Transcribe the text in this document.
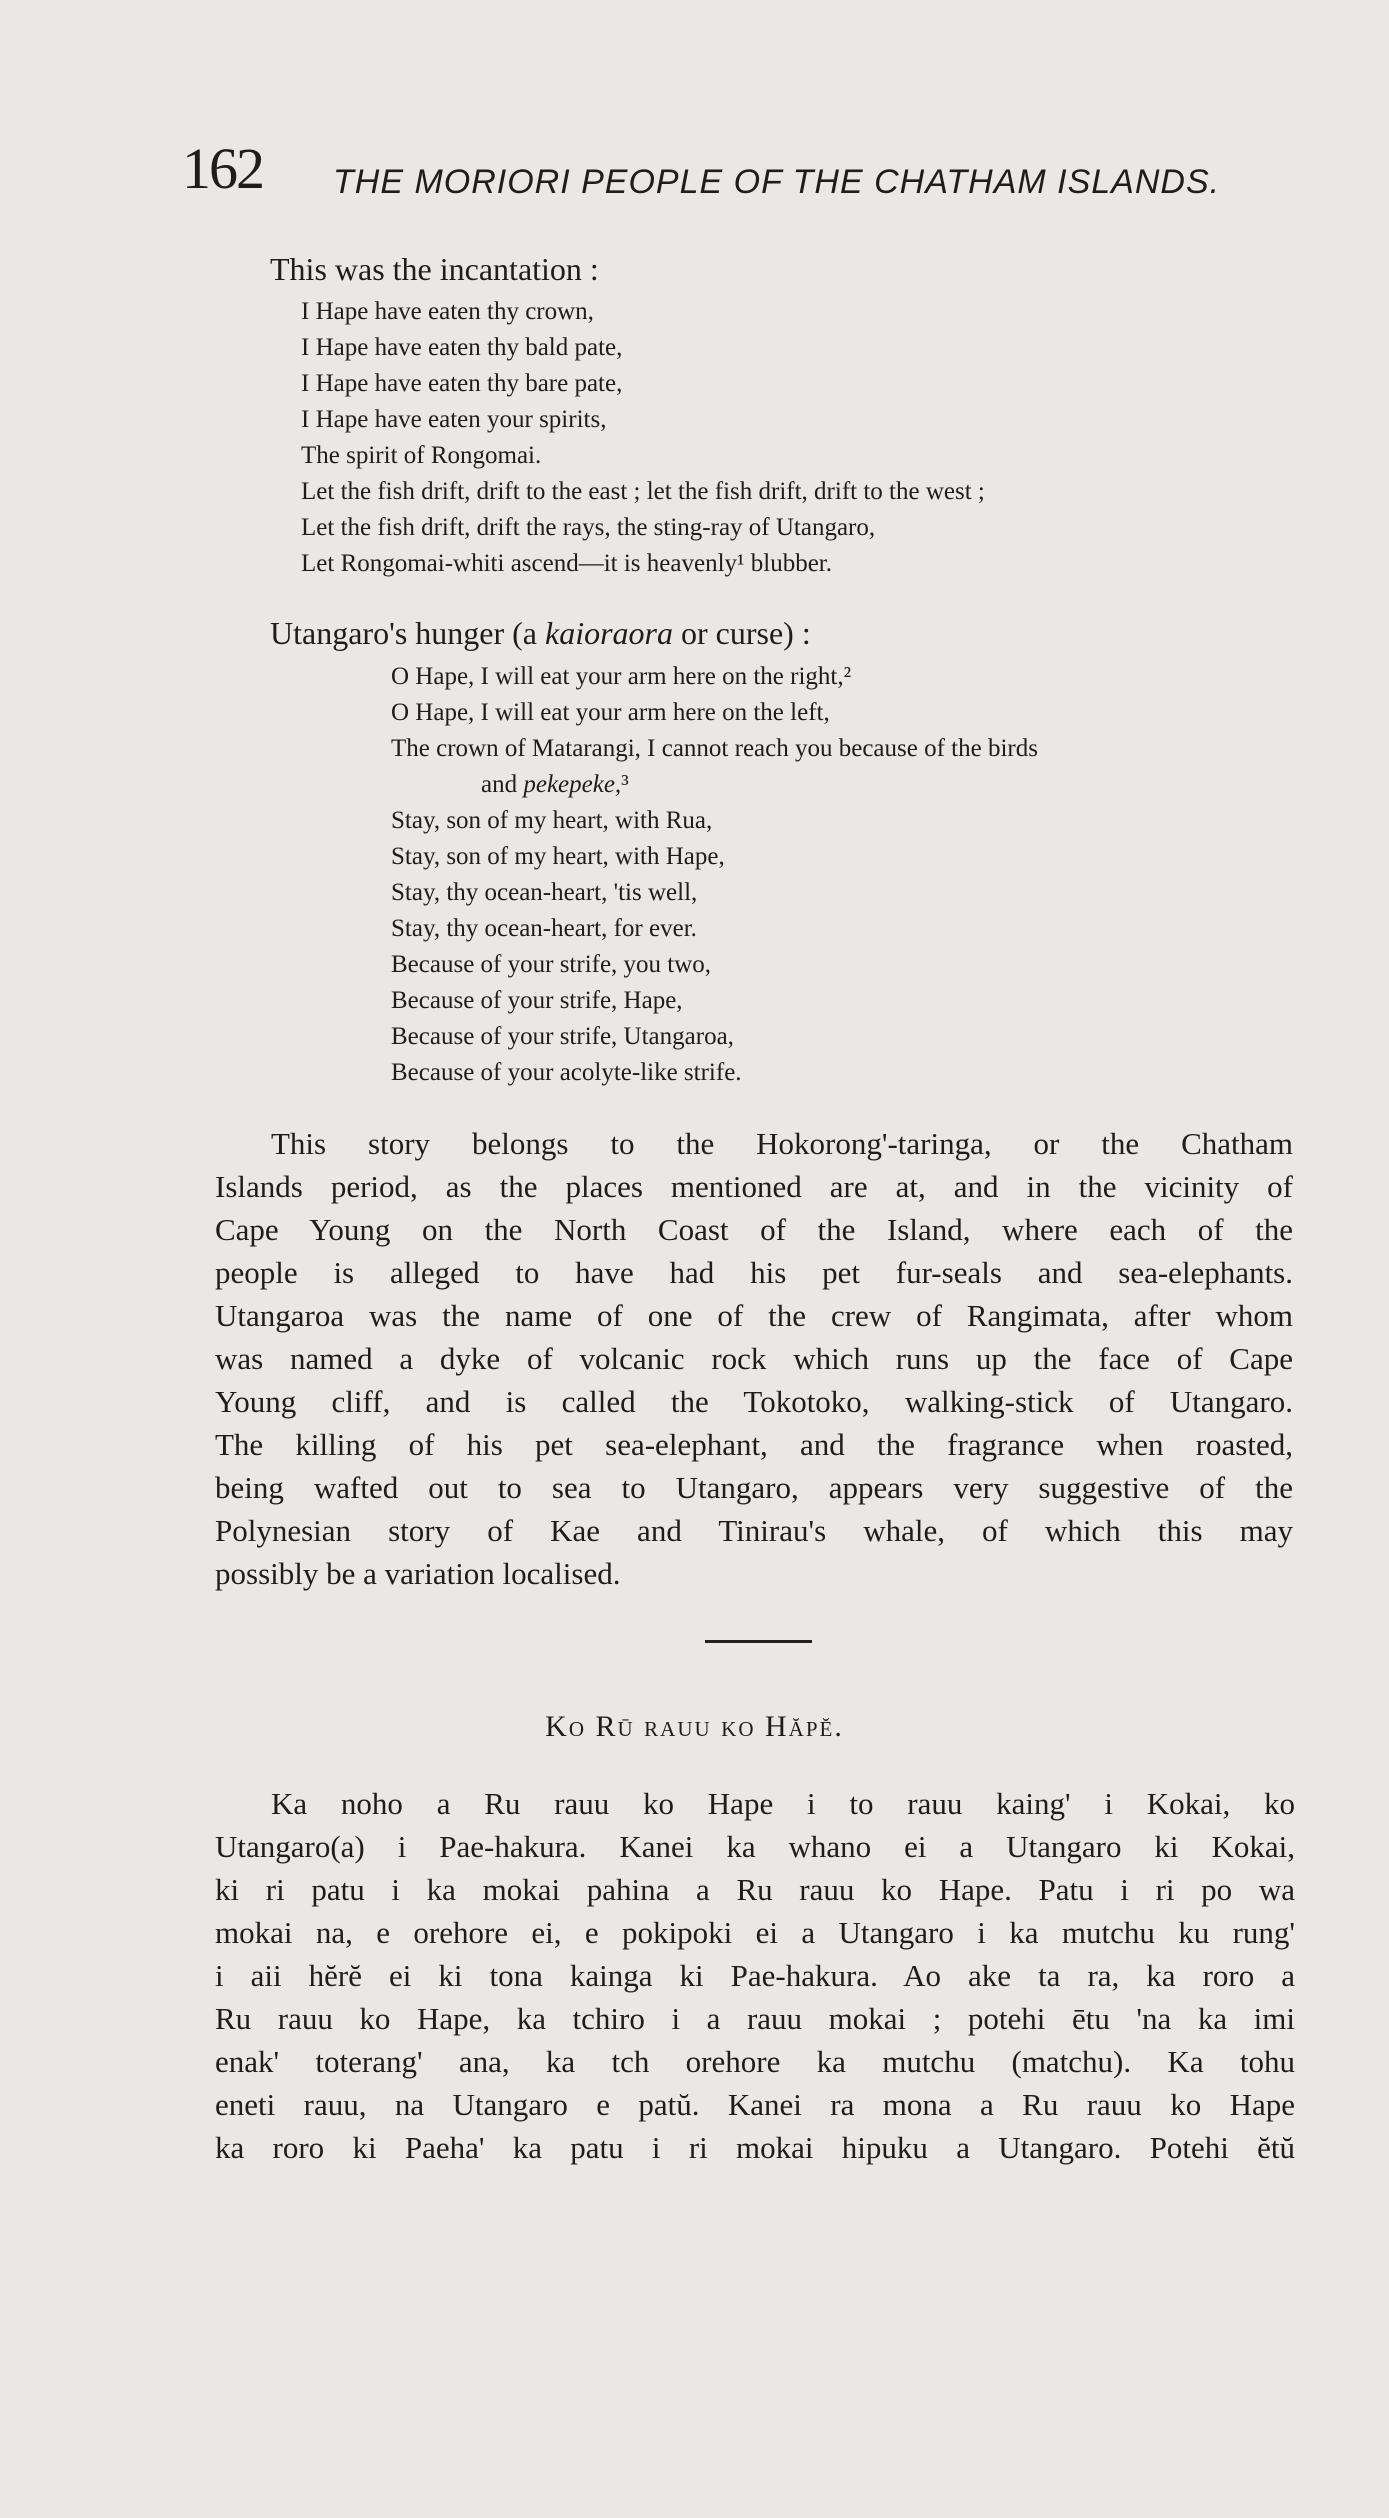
162 THE MORIORI PEOPLE OF THE CHATHAM ISLANDS.
This was the incantation :
I Hape have eaten thy crown,
I Hape have eaten thy bald pate,
I Hape have eaten thy bare pate,
I Hape have eaten your spirits,
The spirit of Rongomai.
Let the fish drift, drift to the east ; let the fish drift, drift to the west ;
Let the fish drift, drift the rays, the sting-ray of Utangaro,
Let Rongomai-whiti ascend—it is heavenly¹ blubber.
Utangaro's hunger (a kaioraora or curse) :
O Hape, I will eat your arm here on the right,²
O Hape, I will eat your arm here on the left,
The crown of Matarangi, I cannot reach you because of the birds
and pekepeke,³
Stay, son of my heart, with Rua,
Stay, son of my heart, with Hape,
Stay, thy ocean-heart, 'tis well,
Stay, thy ocean-heart, for ever.
Because of your strife, you two,
Because of your strife, Hape,
Because of your strife, Utangaroa,
Because of your acolyte-like strife.
This story belongs to the Hokorong'-taringa, or the Chatham
Islands period, as the places mentioned are at, and in the vicinity of
Cape Young on the North Coast of the Island, where each of the
people is alleged to have had his pet fur-seals and sea-elephants.
Utangaroa was the name of one of the crew of Rangimata, after whom
was named a dyke of volcanic rock which runs up the face of Cape
Young cliff, and is called the Tokotoko, walking-stick of Utangaro.
The killing of his pet sea-elephant, and the fragrance when roasted,
being wafted out to sea to Utangaro, appears very suggestive of the
Polynesian story of Kae and Tinirau's whale, of which this may
possibly be a variation localised.
Ko Rū rauu ko Hăpĕ.
Ka noho a Ru rauu ko Hape i to rauu kaing' i Kokai, ko
Utangaro(a) i Pae-hakura. Kanei ka whano ei a Utangaro ki Kokai,
ki ri patu i ka mokai pahina a Ru rauu ko Hape. Patu i ri po wa
mokai na, e orehore ei, e pokipoki ei a Utangaro i ka mutchu ku rung'
i aii hĕrĕ ei ki tona kainga ki Pae-hakura. Ao ake ta ra, ka roro a
Ru rauu ko Hape, ka tchiro i a rauu mokai ; potehi ētu 'na ka imi
enak' toterang' ana, ka tch orehore ka mutchu (matchu). Ka tohu
eneti rauu, na Utangaro e patŭ. Kanei ra mona a Ru rauu ko Hape
ka roro ki Paeha' ka patu i ri mokai hipuku a Utangaro. Potehi ĕtŭ
